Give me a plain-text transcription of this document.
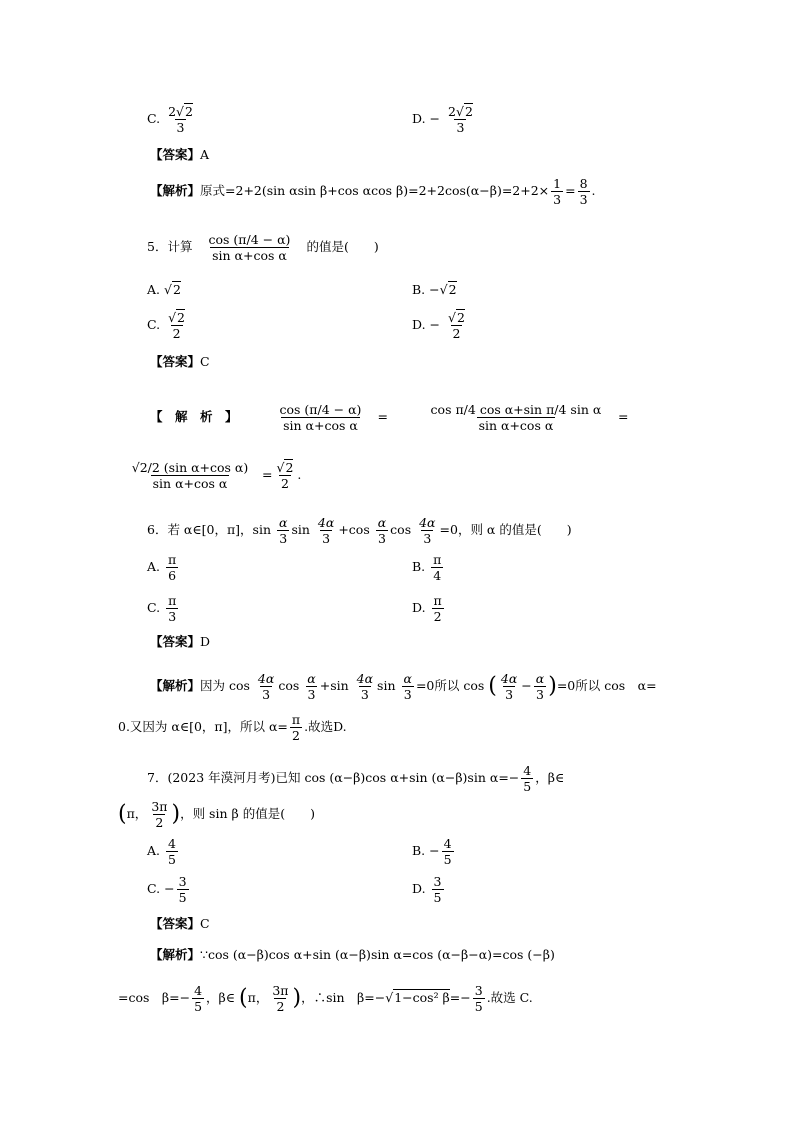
C. $\frac{2√2}{3}$	D. − $\frac{2√2}{3}$
【答案】A
【解析】原式=2+2(sin αsin β+cos αcos $\beta)=2+2\cos(\alpha-\beta)=2+2\times \frac{1}{3} = \frac{8}{3}$ .
5．计算 $\frac{\cos (\pi/4 - \alpha)}{\text{sin α+cos α}}$ 的值是(　　)
A. √2	B. −√2
C. $\frac{√2}{2}$	D. − $\frac{√2}{2}$
【答案】C
【　解　析　】 $\frac{\cos (\pi/4 - \alpha)}{\text{sin α+cos α}} = \frac{\text{cos π/4 cos α+sin π/4 sin α}}{\text{sin α+cos α}}$ =
$\frac{\text{√2/2 (sin α+cos α)}}{\text{sin α+cos α}} = \frac{√2}{2}$ .
6．若 α∈[0，π]，$\sin \frac{\alpha}{3}$ $\sin \frac{4\alpha}{3} +\cos \frac{\alpha}{3}$ $\cos \frac{4\alpha}{3} =0$，则 α 的值是(　　)
A. $\frac{\pi}{6}$	B. $\frac{\pi}{4}$
C. $\frac{\pi}{3}$	D. $\frac{\pi}{2}$
【答案】D
【解析】因为 $\cos \frac{4\alpha}{3}$ $\cos \frac{\alpha}{3} +\sin \frac{4\alpha}{3}$ $\sin \frac{\alpha}{3} =0$所以 cos ( $\frac{4\alpha}{3} - \frac{\alpha}{3} )=0$所以 cos　α=
0.又因为 α∈[0，π]，所以 $\alpha= \frac{\pi}{2}$ .故选D.
7．(2023 年漠河月考)已知 cos (α−β)cos α+sin (α−β)sin $\alpha=- \frac{4}{5}$ ，β∈
(π， $\frac{3\pi}{2}$ )，则 sin β 的值是(　　)
A. $\frac{4}{5}$	B. − $\frac{4}{5}$
C. − $\frac{3}{5}$	D. $\frac{3}{5}$
【答案】C
【解析】∵cos (α−β)cos α+sin (α−β)sin α=cos (α−β−α)=cos (−β)
=cos　$\beta=- \frac{4}{5}$ ，β∈ (π， $\frac{3\pi}{2}$ )，∴sin　β=−√1−cos² $\beta=- \frac{3}{5}$ .故选 C.
